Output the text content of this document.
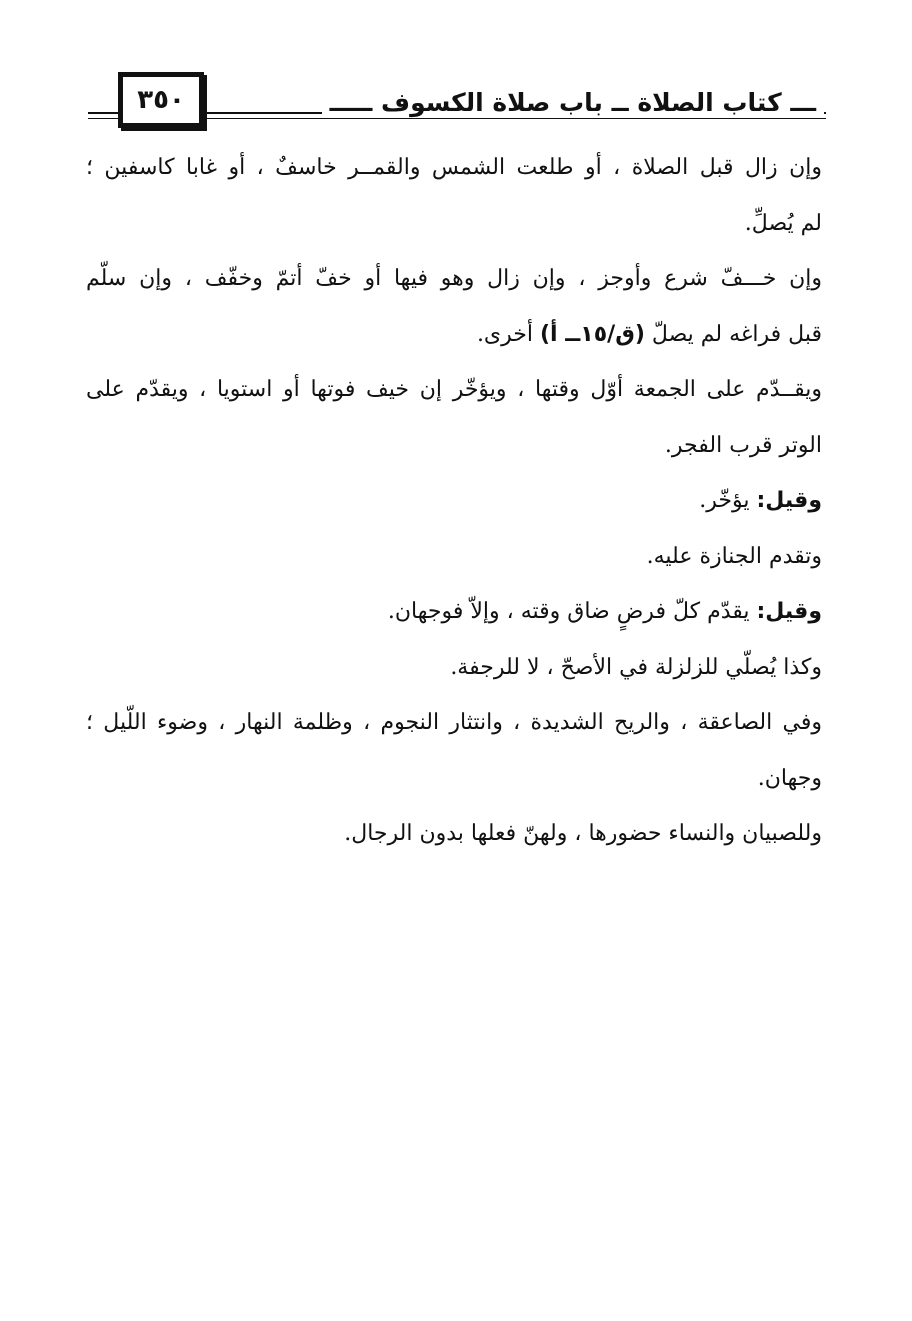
٣٥٠	ـــ كتاب الصلاة ــ باب صلاة الكسوف ـــــ
وإن زال قبل الصلاة ، أو طلعت الشمس والقمــر خاسفٌ ، أو غابا كاسفين ؛
لم يُصلِّ.
وإن خـــفّ شرع وأوجز ، وإن زال وهو فيها أو خفّ أتمّ وخفّف ، وإن سلّم
قبل فراغه لم يصلّ (ق/١٥ــ أ) أخرى.
ويقــدّم على الجمعة أوّل وقتها ، ويؤخّر إن خيف فوتها أو استويا ، ويقدّم على
الوتر قرب الفجر.
وقيل: يؤخّر.
وتقدم الجنازة عليه.
وقيل: يقدّم كلّ فرضٍ ضاق وقته ، وإلاّ فوجهان.
وكذا يُصلّي للزلزلة في الأصحّ ، لا للرجفة.
وفي الصاعقة ، والريح الشديدة ، وانتثار النجوم ، وظلمة النهار ، وضوء اللّيل ؛
وجهان.
وللصبيان والنساء حضورها ، ولهنّ فعلها بدون الرجال.
